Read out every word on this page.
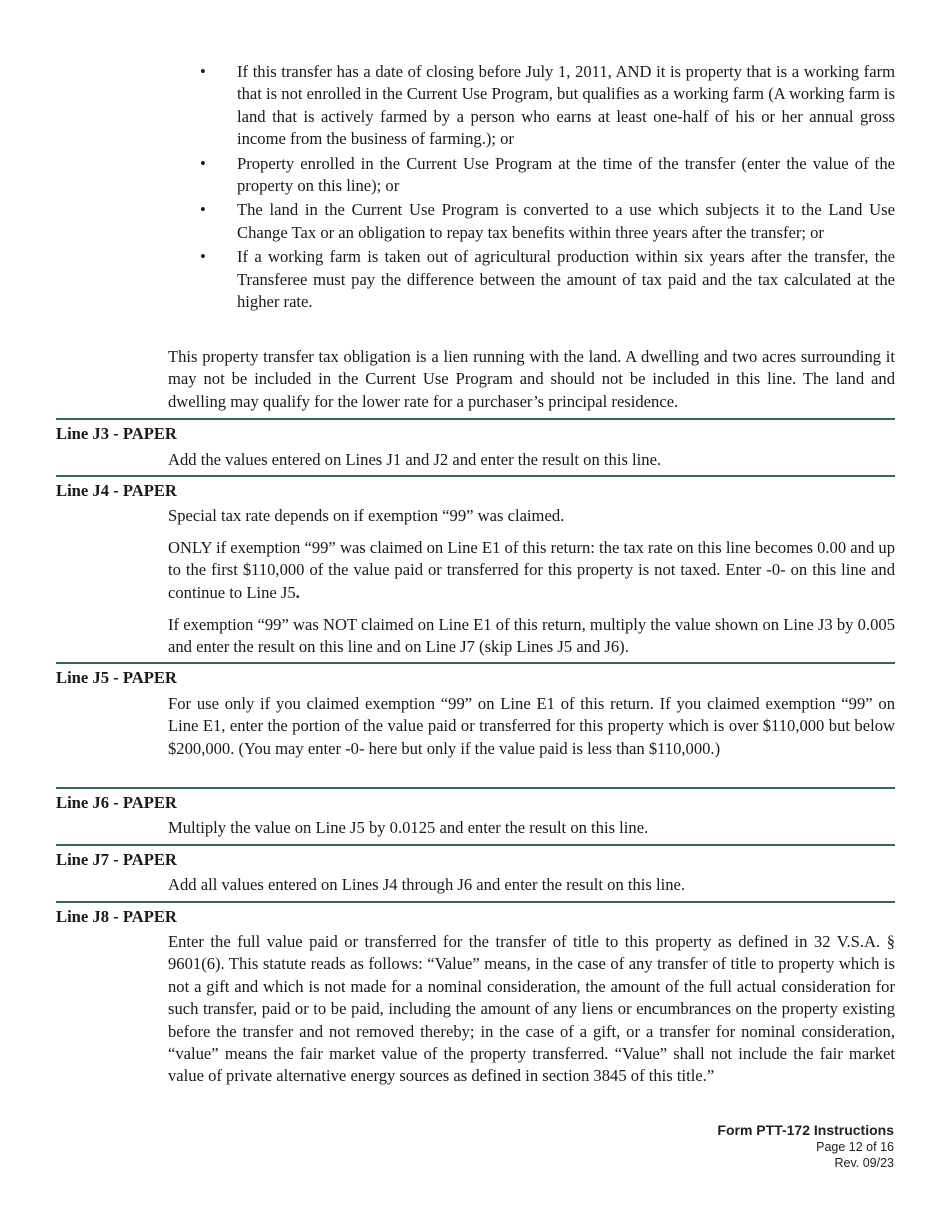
• If this transfer has a date of closing before July 1, 2011, AND it is property that is a working farm that is not enrolled in the Current Use Program, but qualifies as a working farm (A working farm is land that is actively farmed by a person who earns at least one-half of his or her annual gross income from the business of farming.); or
• Property enrolled in the Current Use Program at the time of the transfer (enter the value of the property on this line); or
• The land in the Current Use Program is converted to a use which subjects it to the Land Use Change Tax or an obligation to repay tax benefits within three years after the transfer; or
• If a working farm is taken out of agricultural production within six years after the transfer, the Transferee must pay the difference between the amount of tax paid and the tax calculated at the higher rate.

This property transfer tax obligation is a lien running with the land. A dwelling and two acres surrounding it may not be included in the Current Use Program and should not be included in this line. The land and dwelling may qualify for the lower rate for a purchaser’s principal residence.

Line J3 - PAPER

Add the values entered on Lines J1 and J2 and enter the result on this line.

Line J4 - PAPER

Special tax rate depends on if exemption “99” was claimed.

ONLY if exemption “99” was claimed on Line E1 of this return: the tax rate on this line becomes 0.00 and up to the first $110,000 of the value paid or transferred for this property is not taxed. Enter -0- on this line and continue to Line J5.

If exemption “99” was NOT claimed on Line E1 of this return, multiply the value shown on Line J3 by 0.005 and enter the result on this line and on Line J7 (skip Lines J5 and J6).

Line J5 - PAPER

For use only if you claimed exemption “99” on Line E1 of this return. If you claimed exemption “99” on Line E1, enter the portion of the value paid or transferred for this property which is over $110,000 but below $200,000. (You may enter -0- here but only if the value paid is less than $110,000.)

Line J6 - PAPER

Multiply the value on Line J5 by 0.0125 and enter the result on this line.

Line J7 - PAPER

Add all values entered on Lines J4 through J6 and enter the result on this line.

Line J8 - PAPER

Enter the full value paid or transferred for the transfer of title to this property as defined in 32 V.S.A. § 9601(6). This statute reads as follows: “Value” means, in the case of any transfer of title to property which is not a gift and which is not made for a nominal consideration, the amount of the full actual consideration for such transfer, paid or to be paid, including the amount of any liens or encumbrances on the property existing before the transfer and not removed thereby; in the case of a gift, or a transfer for nominal consideration, “value” means the fair market value of the property transferred. “Value” shall not include the fair market value of private alternative energy sources as defined in section 3845 of this title.”

Form PTT-172 Instructions
Page 12 of 16
Rev. 09/23
